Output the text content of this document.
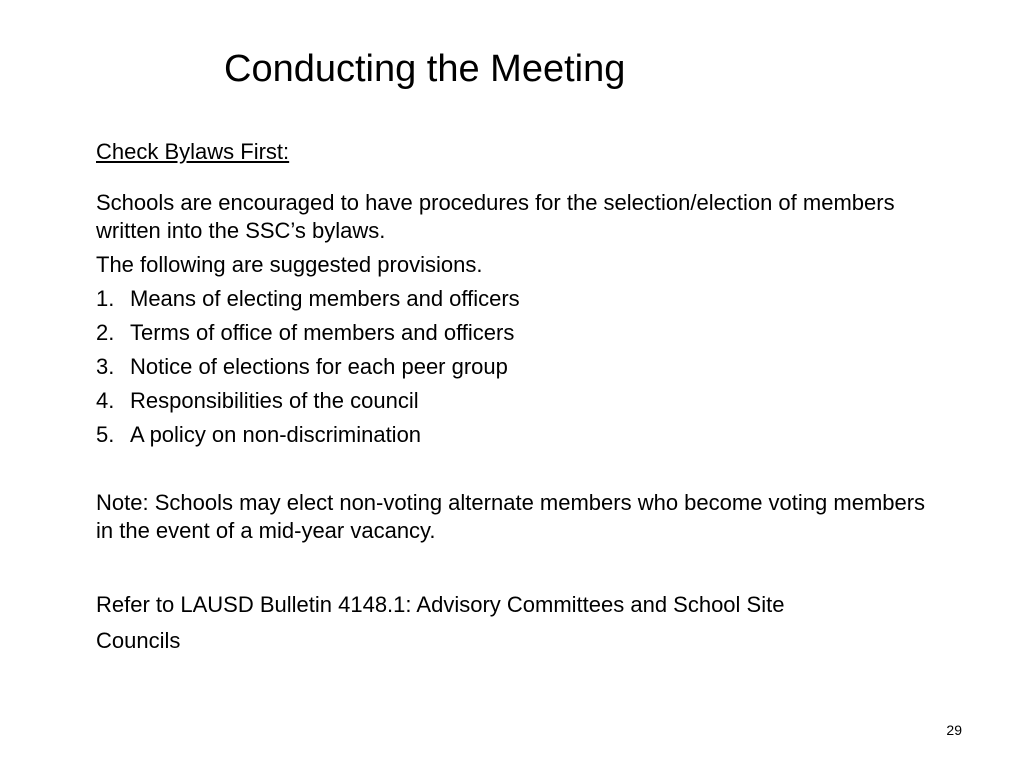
Conducting the Meeting

Check Bylaws First:

Schools are encouraged to have procedures for the selection/election of members written into the SSC’s bylaws.

The following are suggested provisions.

1. Means of electing members and officers
2. Terms of office of members and officers
3. Notice of elections for each peer group
4. Responsibilities of the council
5. A policy on non-discrimination

Note: Schools may elect non-voting alternate members who become voting members in the event of a mid-year vacancy.

Refer to LAUSD Bulletin 4148.1: Advisory Committees and School Site

Councils

29
